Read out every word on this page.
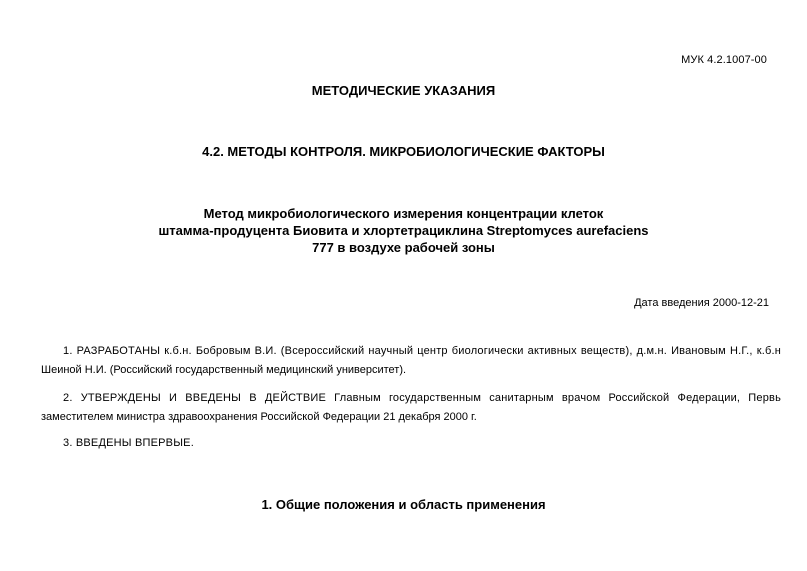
МУК 4.2.1007-00
МЕТОДИЧЕСКИЕ УКАЗАНИЯ
4.2. МЕТОДЫ КОНТРОЛЯ. МИКРОБИОЛОГИЧЕСКИЕ ФАКТОРЫ
Метод микробиологического измерения концентрации клеток
штамма-продуцента Биовита и хлортетрациклина Streptomyces aurefaciens
777 в воздухе рабочей зоны
Дата введения 2000-12-21
1. РАЗРАБОТАНЫ к.б.н. Бобровым В.И. (Всероссийский научный центр биологически активных веществ), д.м.н. Ивановым Н.Г., к.б.н
Шеиной Н.И. (Российский государственный медицинский университет).
2. УТВЕРЖДЕНЫ И ВВЕДЕНЫ В ДЕЙСТВИЕ Главным государственным санитарным врачом Российской Федерации, Первь
заместителем министра здравоохранения Российской Федерации 21 декабря 2000 г.
3. ВВЕДЕНЫ ВПЕРВЫЕ.
1. Общие положения и область применения
